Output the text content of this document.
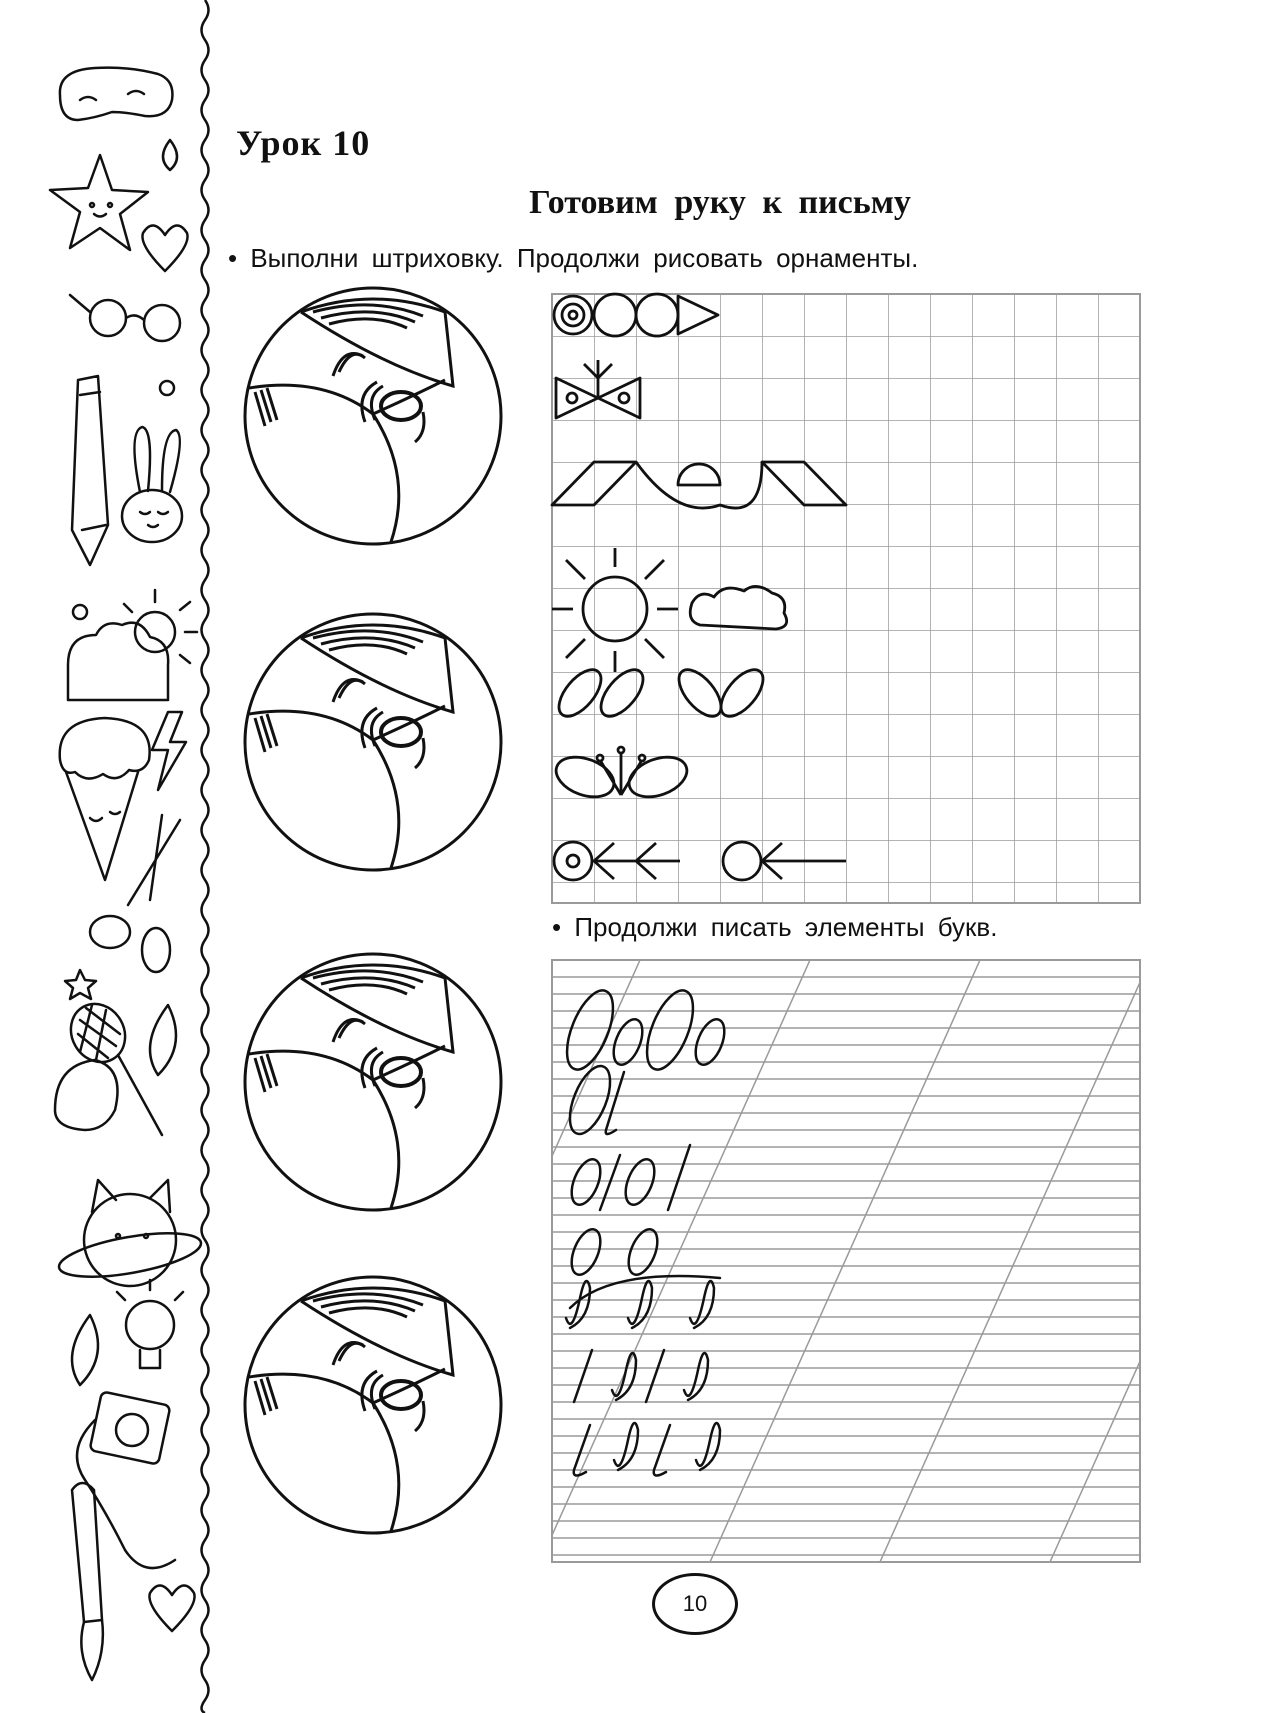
Урок 10
Готовим руку к письму
• Выполни штриховку. Продолжи рисовать орнаменты.
• Продолжи писать элементы букв.
10
